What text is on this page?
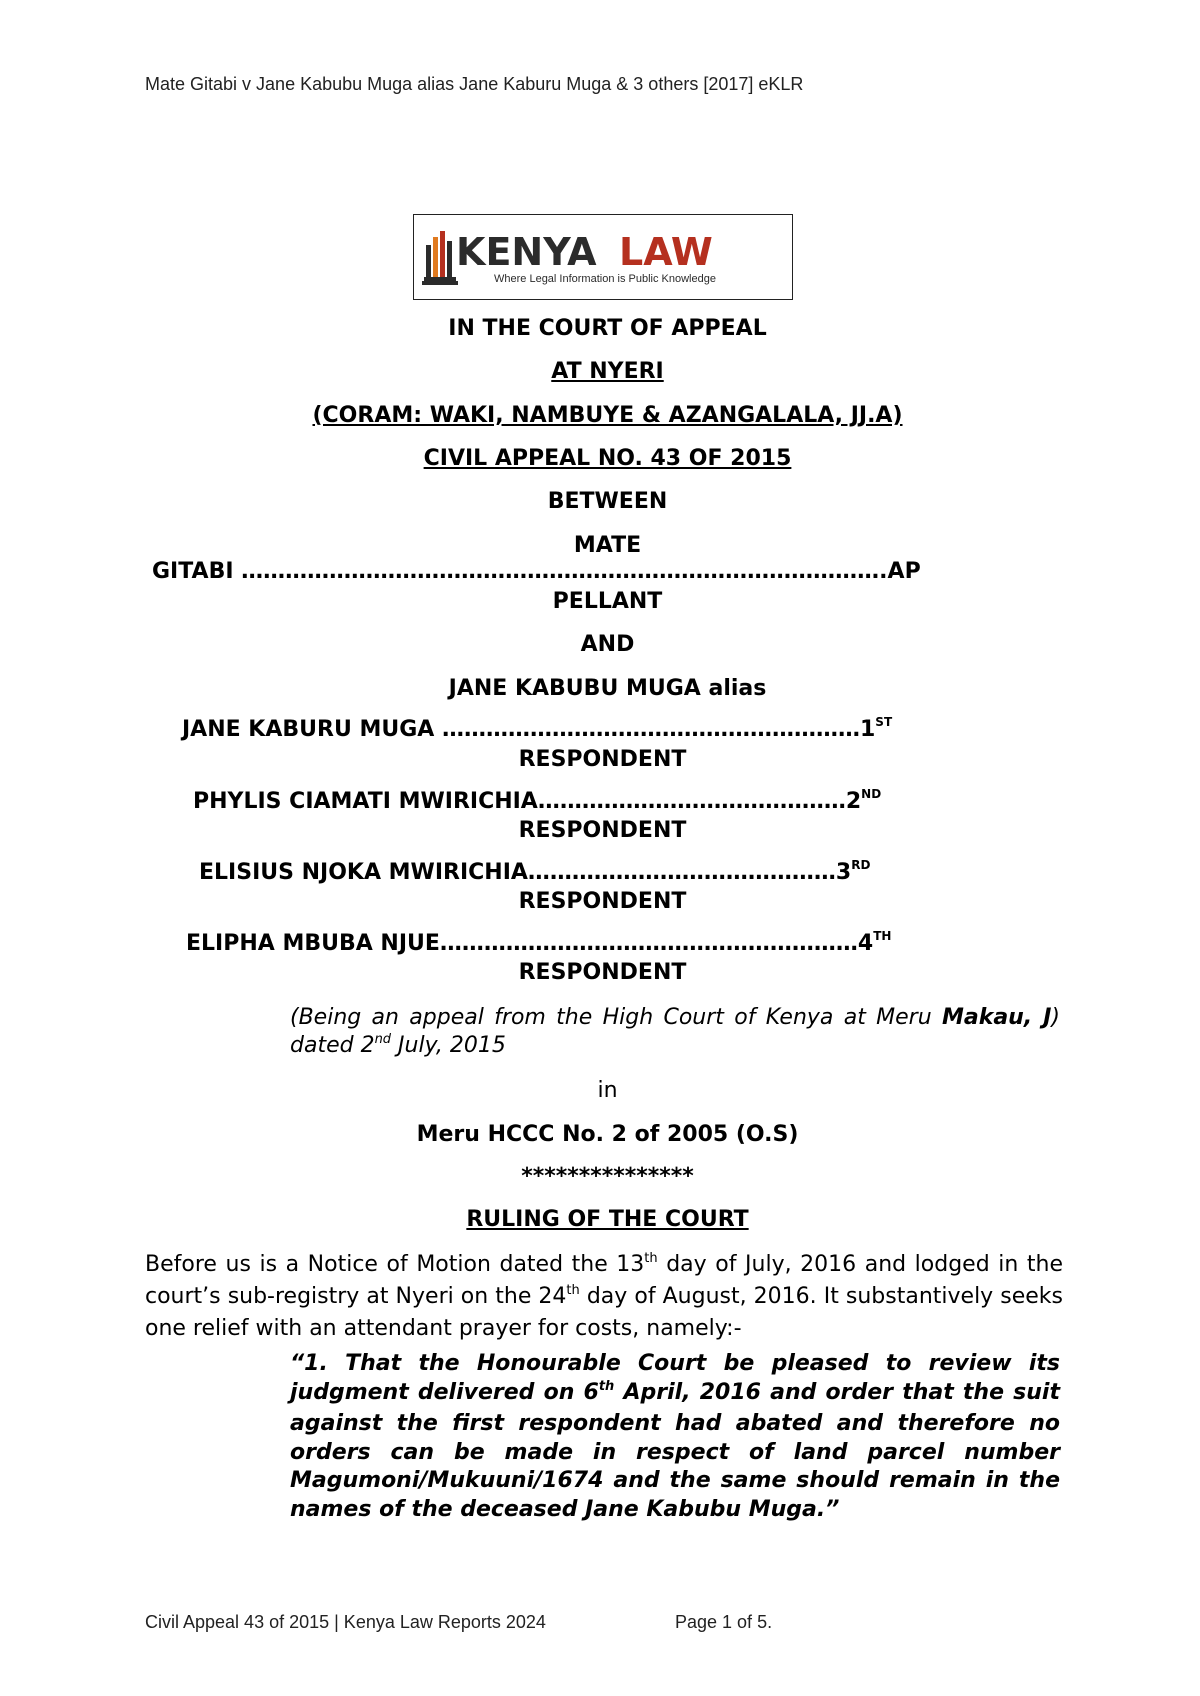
Mate Gitabi v Jane Kabubu Muga alias Jane Kaburu Muga & 3 others [2017] eKLR
KENYA LAW
Where Legal Information is Public Knowledge
IN THE COURT OF APPEAL
AT NYERI
(CORAM: WAKI, NAMBUYE & AZANGALALA, JJ.A)
CIVIL APPEAL NO. 43 OF 2015
BETWEEN
MATE
GITABI …………………………………………………………………………….AP
PELLANT
AND
JANE KABUBU MUGA alias
JANE KABURU MUGA …………………………………………………1ST
RESPONDENT
PHYLIS CIAMATI MWIRICHIA……………………………………2ND
RESPONDENT
ELISIUS NJOKA MWIRICHIA……………………………………3RD
RESPONDENT
ELIPHA MBUBA NJUE…………………………………………………4TH
RESPONDENT
(Being an appeal from the High Court of Kenya at Meru Makau, J) dated 2nd July, 2015
in
Meru HCCC No. 2 of 2005 (O.S)
***************
RULING OF THE COURT
Before us is a Notice of Motion dated the 13th day of July, 2016 and lodged in the court’s sub-registry at Nyeri on the 24th day of August, 2016. It substantively seeks one relief with an attendant prayer for costs, namely:-
“1. That the Honourable Court be pleased to review its judgment delivered on 6th April, 2016 and order that the suit against the first respondent had abated and therefore no orders can be made in respect of land parcel number Magumoni/Mukuuni/1674 and the same should remain in the names of the deceased Jane Kabubu Muga.”
Civil Appeal 43 of 2015 | Kenya Law Reports 2024	Page 1 of 5.
